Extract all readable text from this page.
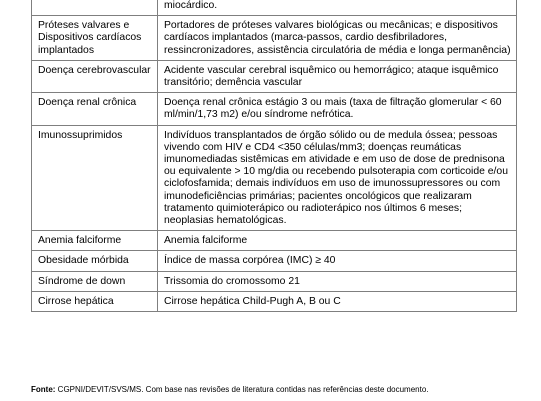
	miocárdico.
Próteses valvares e Dispositivos cardíacos implantados	Portadores de próteses valvares biológicas ou mecânicas; e dispositivos cardíacos implantados (marca-passos, cardio desfibriladores, ressincronizadores, assistência circulatória de média e longa permanência)
Doença cerebrovascular	Acidente vascular cerebral isquêmico ou hemorrágico; ataque isquêmico transitório; demência vascular
Doença renal crônica	Doença renal crônica estágio 3 ou mais (taxa de filtração glomerular < 60 ml/min/1,73 m2) e/ou síndrome nefrótica.
Imunossuprimidos	Indivíduos transplantados de órgão sólido ou de medula óssea; pessoas vivendo com HIV e CD4 <350 células/mm3; doenças reumáticas imunomediadas sistêmicas em atividade e em uso de dose de prednisona ou equivalente > 10 mg/dia ou recebendo pulsoterapia com corticoide e/ou ciclofosfamida; demais indivíduos em uso de imunossupressores ou com imunodeficiências primárias; pacientes oncológicos que realizaram tratamento quimioterápico ou radioterápico nos últimos 6 meses; neoplasias hematológicas.
Anemia falciforme	Anemia falciforme
Obesidade mórbida	Índice de massa corpórea (IMC) ≥ 40
Síndrome de down	Trissomia do cromossomo 21
Cirrose hepática	Cirrose hepática Child-Pugh A, B ou C
Fonte: CGPNI/DEVIT/SVS/MS. Com base nas revisões de literatura contidas nas referências deste documento.
